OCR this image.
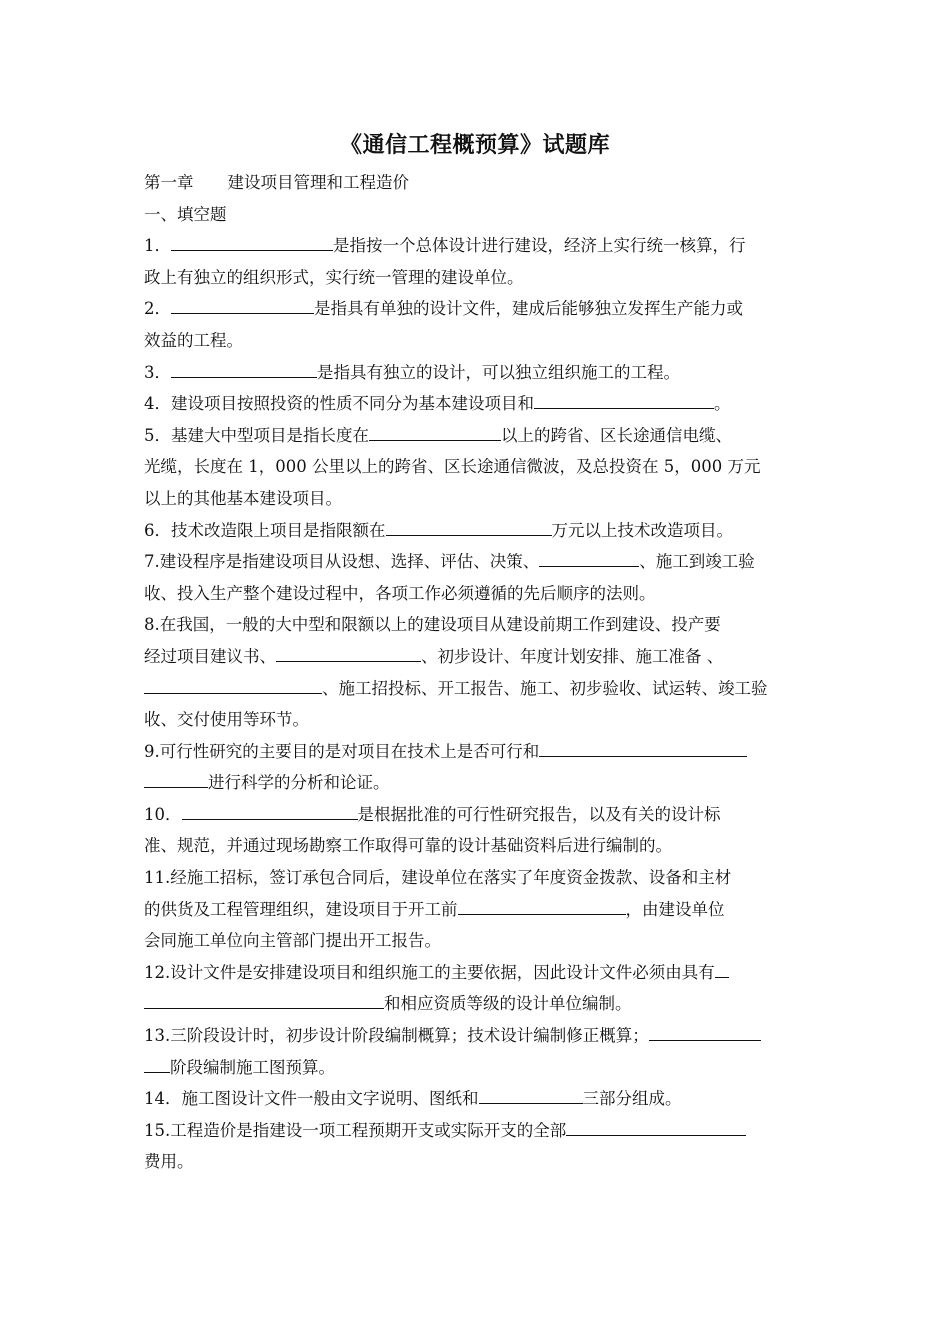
《通信工程概预算》试题库
第一章 建设项目管理和工程造价
一、填空题
1．	是指按一个总体设计进行建设，经济上实行统一核算，行
政上有独立的组织形式，实行统一管理的建设单位。
2．	是指具有单独的设计文件，建成后能够独立发挥生产能力或
效益的工程。
3．	是指具有独立的设计，可以独立组织施工的工程。
4．建设项目按照投资的性质不同分为基本建设项目和	。
5．基建大中型项目是指长度在	以上的跨省、区长途通信电缆、
光缆，长度在 1，000 公里以上的跨省、区长途通信微波，及总投资在 5，000 万元
以上的其他基本建设项目。
6．技术改造限上项目是指限额在	万元以上技术改造项目。
7.建设程序是指建设项目从设想、选择、评估、决策、	、施工到竣工验
收、投入生产整个建设过程中，各项工作必须遵循的先后顺序的法则。
8.在我国，一般的大中型和限额以上的建设项目从建设前期工作到建设、投产要
经过项目建议书、	、初步设计、年度计划安排、施工准备 、
、施工招投标、开工报告、施工、初步验收、试运转、竣工验
收、交付使用等环节。
9.可行性研究的主要目的是对项目在技术上是否可行和
进行科学的分析和论证。
10．	是根据批准的可行性研究报告，以及有关的设计标
准、规范，并通过现场勘察工作取得可靠的设计基础资料后进行编制的。
11.经施工招标，签订承包合同后，建设单位在落实了年度资金拨款、设备和主材
的供货及工程管理组织，建设项目于开工前	，由建设单位
会同施工单位向主管部门提出开工报告。
12.设计文件是安排建设项目和组织施工的主要依据，因此设计文件必须由具有
和相应资质等级的设计单位编制。
13.三阶段设计时，初步设计阶段编制概算；技术设计编制修正概算；
阶段编制施工图预算。
14．施工图设计文件一般由文字说明、图纸和	三部分组成。
15.工程造价是指建设一项工程预期开支或实际开支的全部
费用。
